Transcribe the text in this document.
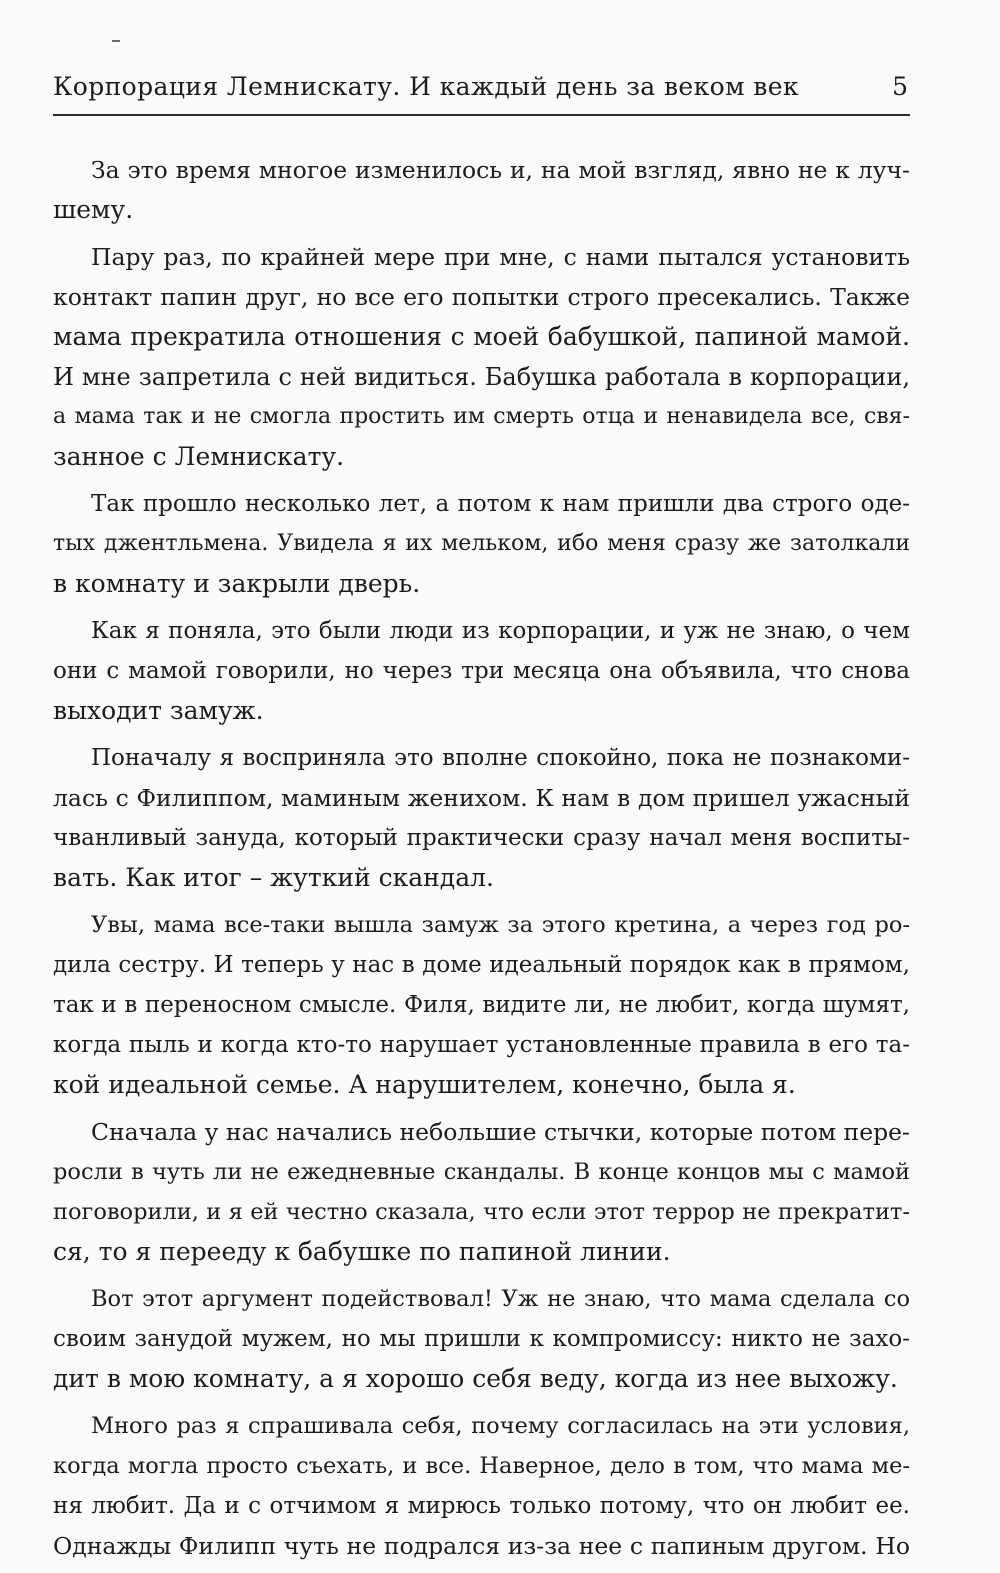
Корпорация Лемнискату. И каждый день за веком век	5
За это время многое изменилось и, на мой взгляд, явно не к луч-
шему.
Пару раз, по крайней мере при мне, с нами пытался установить
контакт папин друг, но все его попытки строго пресекались. Также
мама прекратила отношения с моей бабушкой, папиной мамой.
И мне запретила с ней видиться. Бабушка работала в корпорации,
а мама так и не смогла простить им смерть отца и ненавидела все, свя-
занное с Лемнискату.
Так прошло несколько лет, а потом к нам пришли два строго оде-
тых джентльмена. Увидела я их мельком, ибо меня сразу же затолкали
в комнату и закрыли дверь.
Как я поняла, это были люди из корпорации, и уж не знаю, о чем
они с мамой говорили, но через три месяца она объявила, что снова
выходит замуж.
Поначалу я восприняла это вполне спокойно, пока не познакоми-
лась с Филиппом, маминым женихом. К нам в дом пришел ужасный
чванливый зануда, который практически сразу начал меня воспиты-
вать. Как итог – жуткий скандал.
Увы, мама все-таки вышла замуж за этого кретина, а через год ро-
дила сестру. И теперь у нас в доме идеальный порядок как в прямом,
так и в переносном смысле. Филя, видите ли, не любит, когда шумят,
когда пыль и когда кто-то нарушает установленные правила в его та-
кой идеальной семье. А нарушителем, конечно, была я.
Сначала у нас начались небольшие стычки, которые потом пере-
росли в чуть ли не ежедневные скандалы. В конце концов мы с мамой
поговорили, и я ей честно сказала, что если этот террор не прекратит-
ся, то я перееду к бабушке по папиной линии.
Вот этот аргумент подействовал! Уж не знаю, что мама сделала со
своим занудой мужем, но мы пришли к компромиссу: никто не захо-
дит в мою комнату, а я хорошо себя веду, когда из нее выхожу.
Много раз я спрашивала себя, почему согласилась на эти условия,
когда могла просто съехать, и все. Наверное, дело в том, что мама ме-
ня любит. Да и с отчимом я мирюсь только потому, что он любит ее.
Однажды Филипп чуть не подрался из-за нее с папиным другом. Но
